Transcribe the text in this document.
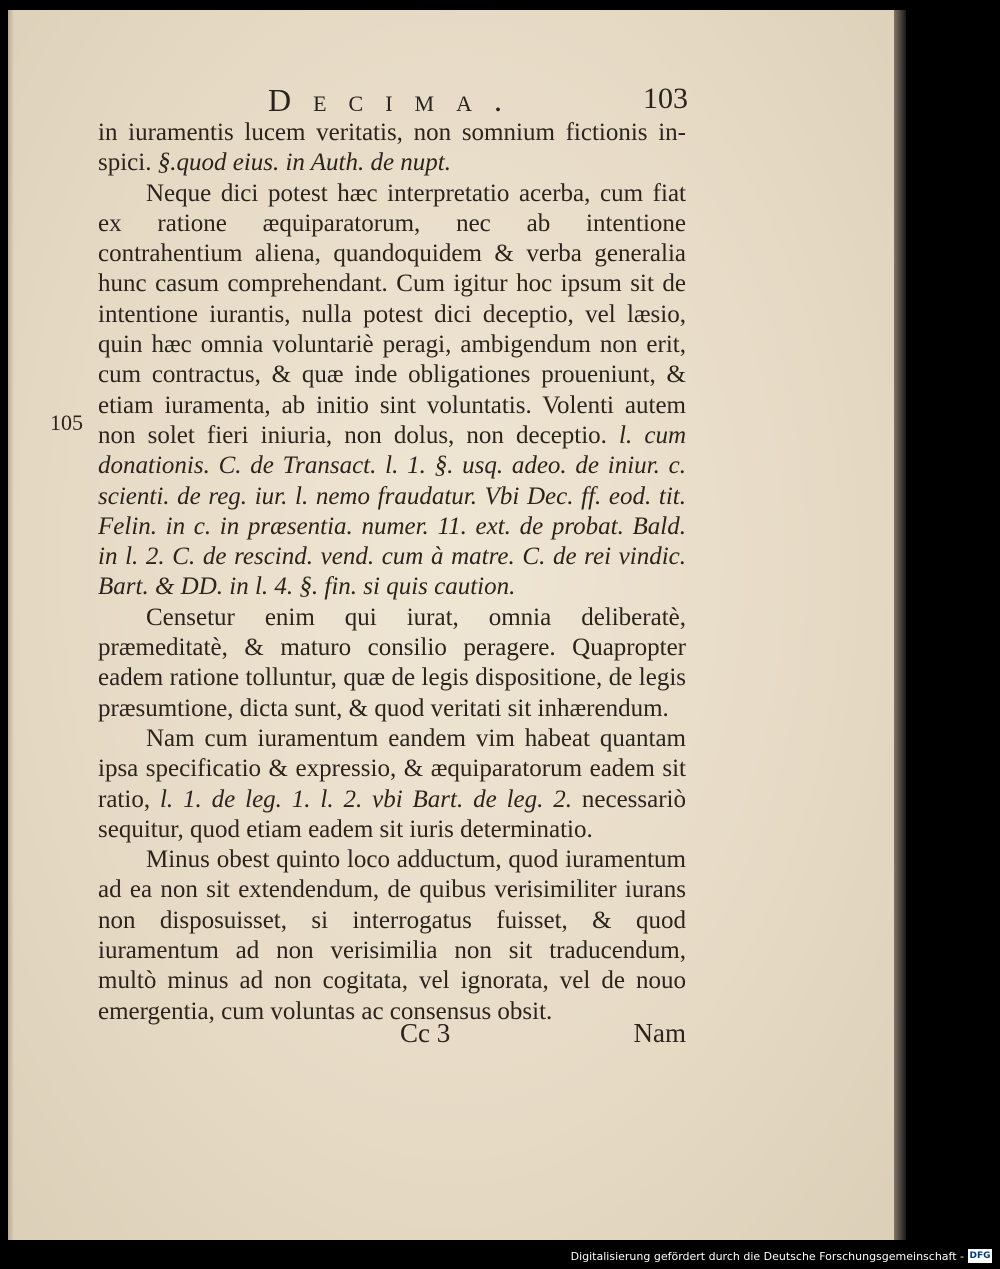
Decima.	103
105

in iuramentis lucem veritatis, non somnium fictionis in- spici. §.quod eius. in Auth. de nupt.

Neque dici potest hæc interpretatio acerba, cum fiat ex ratione æquiparatorum, nec ab intentione contrahentium aliena, quandoquidem & verba generalia hunc casum comprehendant. Cum igitur hoc ipsum sit de intentione iurantis, nulla potest dici deceptio, vel læsio, quin hæc omnia voluntariè peragi, ambigendum non erit, cum contractus, & quæ inde obligationes proueniunt, & etiam iuramenta, ab initio sint voluntatis. Volenti autem non solet fieri iniuria, non dolus, non deceptio. l. cum donationis. C. de Transact. l. 1. §. usq. adeo. de iniur. c. scienti. de reg. iur. l. nemo fraudatur. Vbi Dec. ff. eod. tit. Felin. in c. in præsentia. numer. 11. ext. de probat. Bald. in l. 2. C. de rescind. vend. cum à matre. C. de rei vindic. Bart. & DD. in l. 4. §. fin. si quis caution.

Censetur enim qui iurat, omnia deliberatè, præmeditatè, & maturo consilio peragere. Quapropter eadem ratione tolluntur, quæ de legis dispositione, de legis præsumtione, dicta sunt, & quod veritati sit inhærendum.

Nam cum iuramentum eandem vim habeat quantam ipsa specificatio & expressio, & æquiparatorum eadem sit ratio, l. 1. de leg. 1. l. 2. vbi Bart. de leg. 2. necessariò sequitur, quod etiam eadem sit iuris determinatio.

Minus obest quinto loco adductum, quod iuramentum ad ea non sit extendendum, de quibus verisimiliter iurans non disposuisset, si interrogatus fuisset, & quod iuramentum ad non verisimilia non sit traducendum, multò minus ad non cogitata, vel ignorata, vel de nouo emergentia, cum voluntas ac consensus obsit.

Cc 3	Nam
Digitalisierung gefördert durch die Deutsche Forschungsgemeinschaft - DFG
